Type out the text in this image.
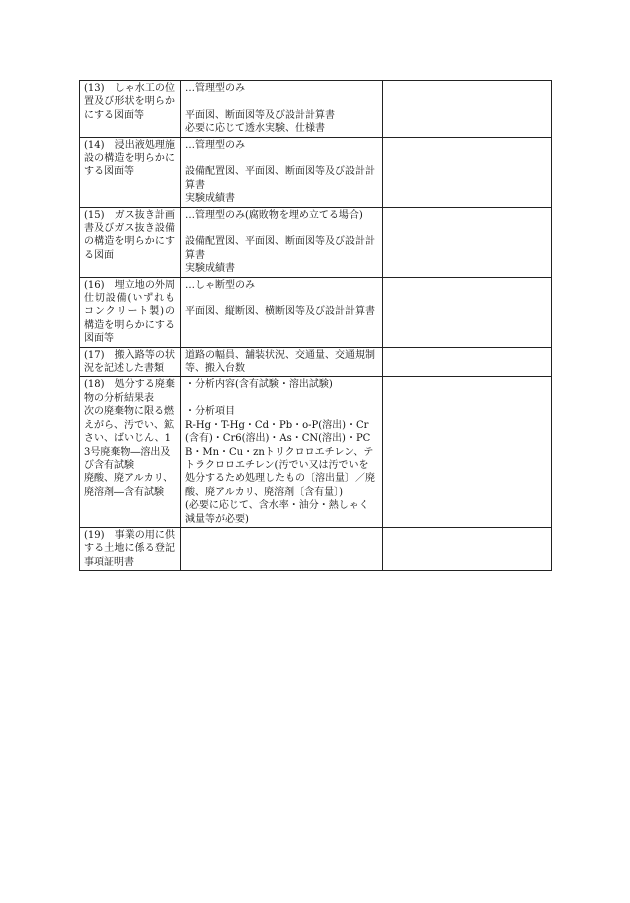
(13)　しゃ水工の位置及び形状を明らかにする図面等	…管理型のみ
平面図、断面図等及び設計計算書
必要に応じて透水実験、仕様書	

(14)　浸出液処理施設の構造を明らかにする図面等	…管理型のみ
設備配置図、平面図、断面図等及び設計計算書
実験成績書	

(15)　ガス抜き計画書及びガス抜き設備の構造を明らかにする図面	…管理型のみ(腐敗物を埋め立てる場合)
設備配置図、平面図、断面図等及び設計計算書
実験成績書	

(16)　埋立地の外周仕切設備(いずれもコンクリート製)の構造を明らかにする図面等	…しゃ断型のみ
平面図、縦断図、横断図等及び設計計算書	

(17)　搬入路等の状況を記述した書類	道路の幅員、舗装状況、交通量、交通規制等、搬入台数	

(18)　処分する廃棄物の分析結果表
次の廃棄物に限る燃えがら、汚でい、鉱さい、ばいじん、13号廃棄物―溶出及び含有試験
廃酸、廃アルカリ、廃溶剤―含有試験	・分析内容(含有試験・溶出試験)
・分析項目
R-Hg・T-Hg・Cd・Pb・o-P(溶出)・Cr(含有)・Cr6(溶出)・As・CN(溶出)・PCB・Mn・Cu・znトリクロロエチレン、テトラクロロエチレン(汚でい又は汚でいを処分するため処理したもの〔溶出量〕／廃酸、廃アルカリ、廃溶剤〔含有量〕)
(必要に応じて、含水率・油分・熱しゃく減量等が必要)	

(19)　事業の用に供する土地に係る登記事項証明書		
